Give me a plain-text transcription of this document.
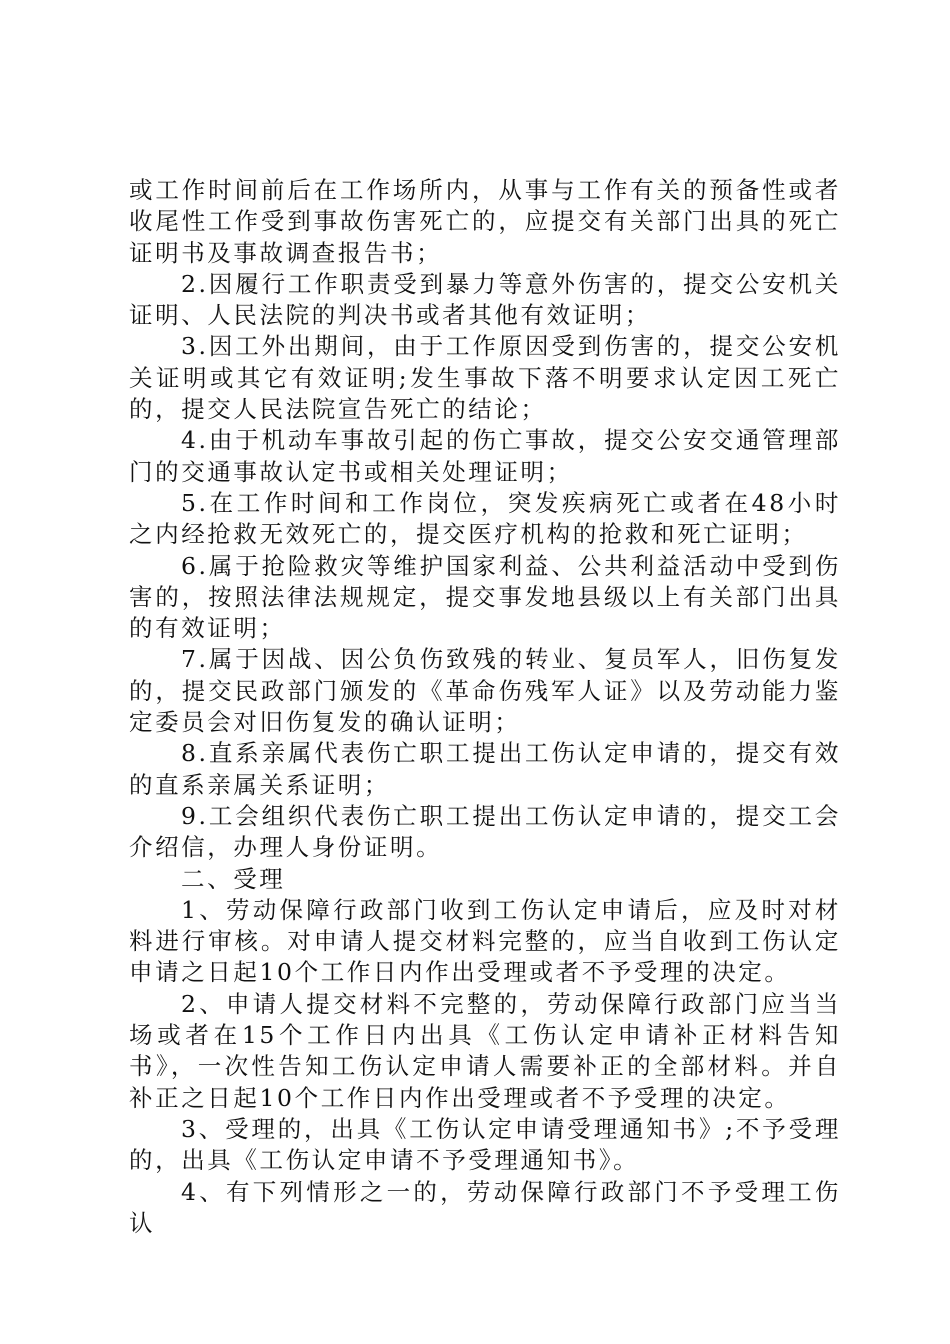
或工作时间前后在工作场所内，从事与工作有关的预备性或者收尾性工作受到事故伤害死亡的，应提交有关部门出具的死亡证明书及事故调查报告书；

2.因履行工作职责受到暴力等意外伤害的，提交公安机关证明、人民法院的判决书或者其他有效证明；

3.因工外出期间，由于工作原因受到伤害的，提交公安机关证明或其它有效证明;发生事故下落不明要求认定因工死亡的，提交人民法院宣告死亡的结论；

4.由于机动车事故引起的伤亡事故，提交公安交通管理部门的交通事故认定书或相关处理证明；

5.在工作时间和工作岗位，突发疾病死亡或者在48小时之内经抢救无效死亡的，提交医疗机构的抢救和死亡证明；

6.属于抢险救灾等维护国家利益、公共利益活动中受到伤害的，按照法律法规规定，提交事发地县级以上有关部门出具的有效证明；

7.属于因战、因公负伤致残的转业、复员军人，旧伤复发的，提交民政部门颁发的《革命伤残军人证》以及劳动能力鉴定委员会对旧伤复发的确认证明；

8.直系亲属代表伤亡职工提出工伤认定申请的，提交有效的直系亲属关系证明；

9.工会组织代表伤亡职工提出工伤认定申请的，提交工会介绍信，办理人身份证明。

二、受理

1、劳动保障行政部门收到工伤认定申请后，应及时对材料进行审核。对申请人提交材料完整的，应当自收到工伤认定申请之日起10个工作日内作出受理或者不予受理的决定。

2、申请人提交材料不完整的，劳动保障行政部门应当当场或者在15个工作日内出具《工伤认定申请补正材料告知书》，一次性告知工伤认定申请人需要补正的全部材料。并自补正之日起10个工作日内作出受理或者不予受理的决定。

3、受理的，出具《工伤认定申请受理通知书》;不予受理的，出具《工伤认定申请不予受理通知书》。

4、有下列情形之一的，劳动保障行政部门不予受理工伤认
